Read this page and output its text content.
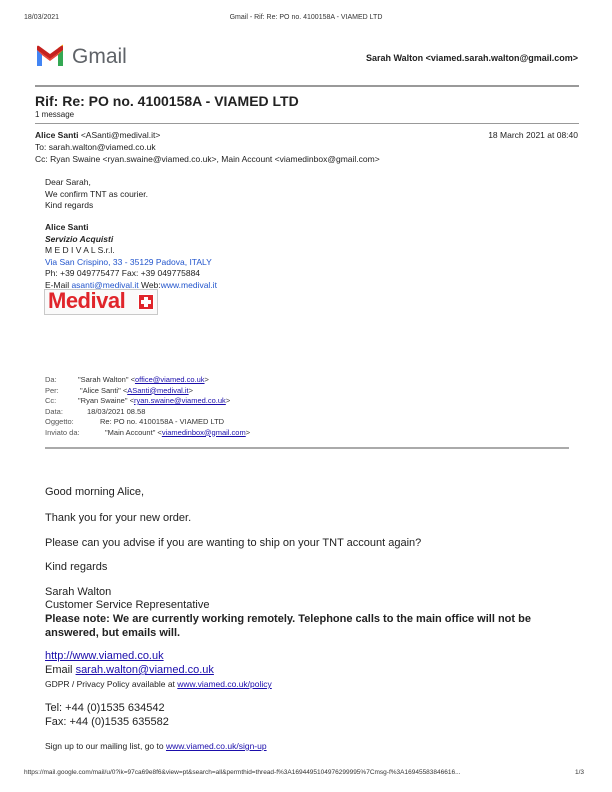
18/03/2021	Gmail - Rif: Re: PO no. 4100158A - VIAMED LTD
Gmail	Sarah Walton <viamed.sarah.walton@gmail.com>
Rif: Re: PO no. 4100158A - VIAMED LTD
1 message
Alice Santi <ASanti@medival.it>	18 March 2021 at 08:40
To: sarah.walton@viamed.co.uk
Cc: Ryan Swaine <ryan.swaine@viamed.co.uk>, Main Account <viamedinbox@gmail.com>
Dear Sarah,
We confirm TNT as courier.
Kind regards
Alice Santi
Servizio Acquisti
M E D I V A L S.r.l.
Via San Crispino, 33 - 35129 Padova, ITALY
Ph: +39 049775477 Fax: +39 049775884
E-Mail asanti@medival.it Web:www.medival.it
Medival
Da:	"Sarah Walton" <office@viamed.co.uk>
Per:	"Alice Santi" <ASanti@medival.it>
Cc:	"Ryan Swaine" <ryan.swaine@viamed.co.uk>
Data:	18/03/2021 08.58
Oggetto:	Re: PO no. 4100158A - VIAMED LTD
Inviato da:	"Main Account" <viamedinbox@gmail.com>
Good morning Alice,
Thank you for your new order.
Please can you advise if you are wanting to ship on your TNT account again?
Kind regards
Sarah Walton
Customer Service Representative
Please note: We are currently working remotely. Telephone calls to the main office will not be answered, but emails will.
http://www.viamed.co.uk
Email sarah.walton@viamed.co.uk
GDPR / Privacy Policy available at www.viamed.co.uk/policy
Tel: +44 (0)1535 634542
Fax: +44 (0)1535 635582
Sign up to our mailing list, go to www.viamed.co.uk/sign-up
https://mail.google.com/mail/u/0?ik=97ca69e8f6&view=pt&search=all&permthid=thread-f%3A1694495104976299995%7Cmsg-f%3A16945583846616...	1/3
